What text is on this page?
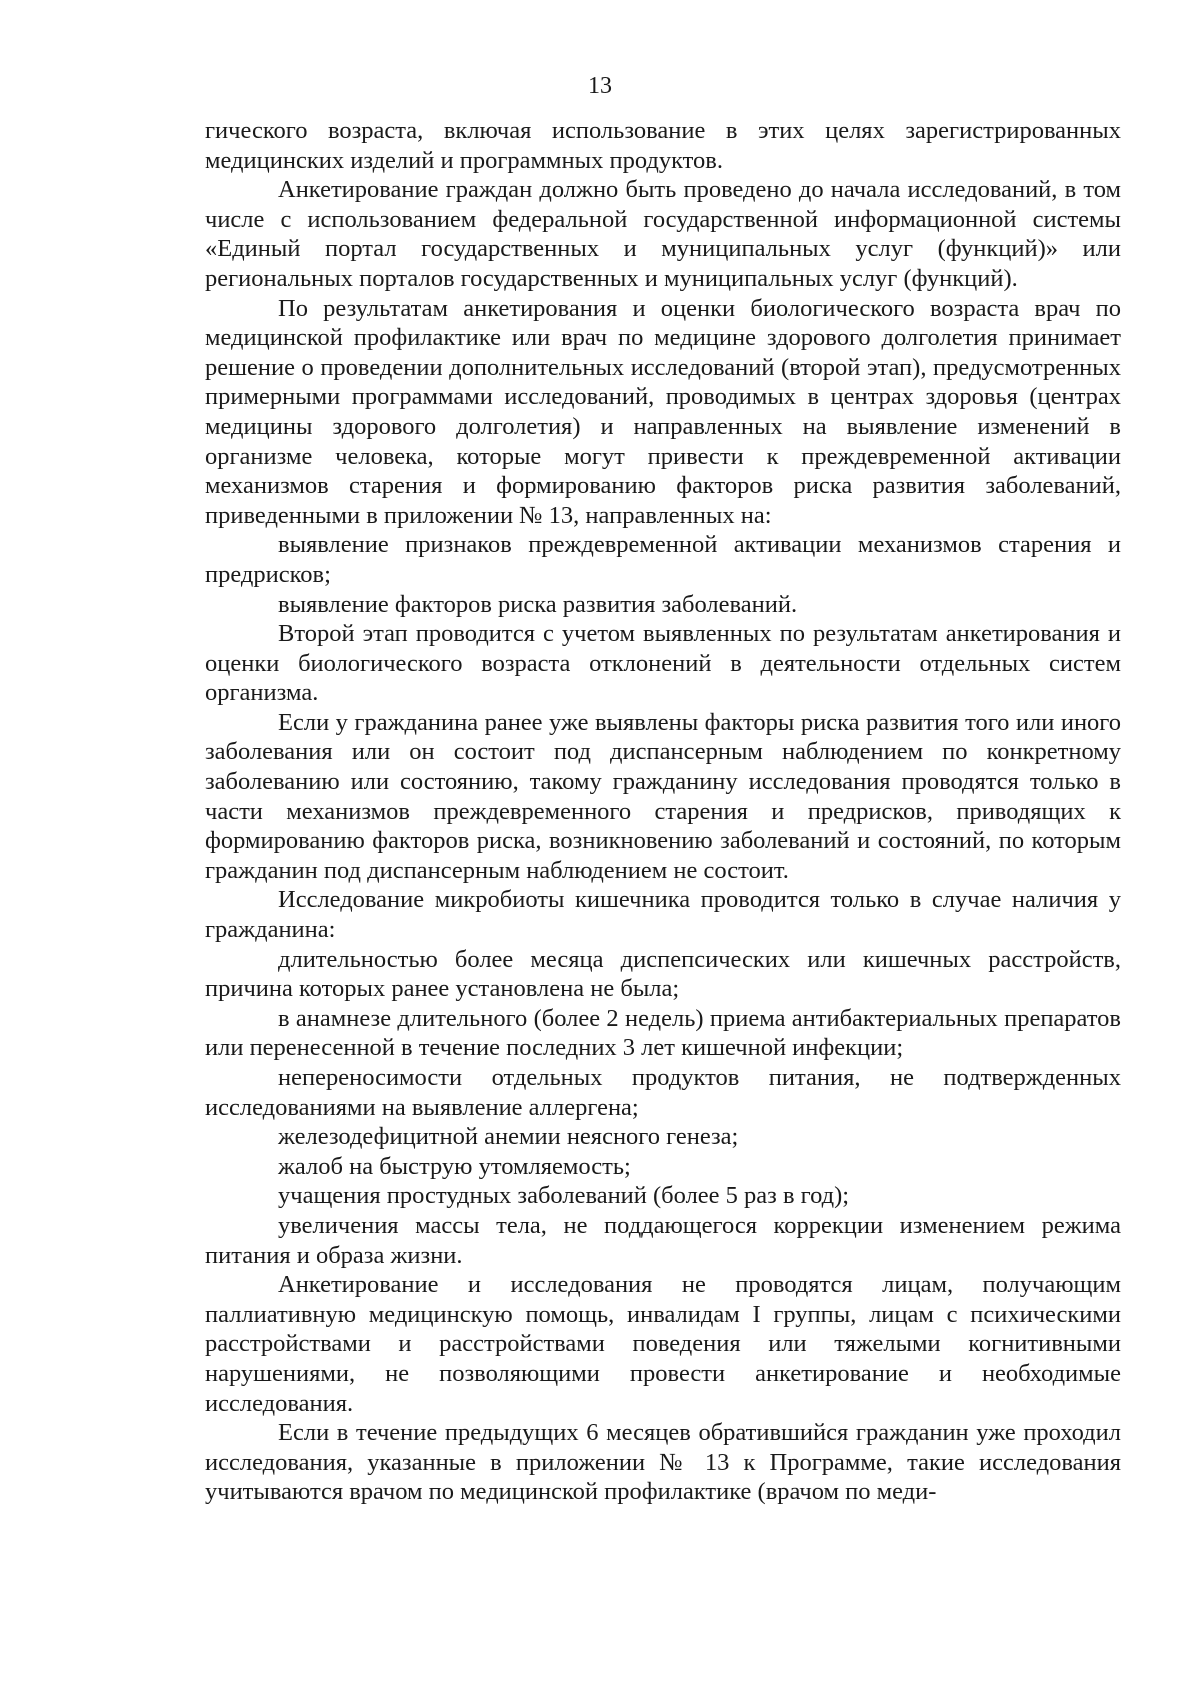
13

гического возраста, включая использование в этих целях зарегистрированных медицинских изделий и программных продуктов.

Анкетирование граждан должно быть проведено до начала исследований, в том числе с использованием федеральной государственной информационной системы «Единый портал государственных и муниципальных услуг (функций)» или региональных порталов государственных и муниципальных услуг (функций).

По результатам анкетирования и оценки биологического возраста врач по медицинской профилактике или врач по медицине здорового долголетия принимает решение о проведении дополнительных исследований (второй этап), предусмотренных примерными программами исследований, проводимых в центрах здоровья (центрах медицины здорового долголетия) и направленных на выявление изменений в организме человека, которые могут привести к преждевременной активации механизмов старения и формированию факторов риска развития заболеваний, приведенными в приложении № 13, направленных на:

выявление признаков преждевременной активации механизмов старения и предрисков;

выявление факторов риска развития заболеваний.

Второй этап проводится с учетом выявленных по результатам анкетирования и оценки биологического возраста отклонений в деятельности отдельных систем организма.

Если у гражданина ранее уже выявлены факторы риска развития того или иного заболевания или он состоит под диспансерным наблюдением по конкретному заболеванию или состоянию, такому гражданину исследования проводятся только в части механизмов преждевременного старения и предрисков, приводящих к формированию факторов риска, возникновению заболеваний и состояний, по которым гражданин под диспансерным наблюдением не состоит.

Исследование микробиоты кишечника проводится только в случае наличия у гражданина:

длительностью более месяца диспепсических или кишечных расстройств, причина которых ранее установлена не была;

в анамнезе длительного (более 2 недель) приема антибактериальных препаратов или перенесенной в течение последних 3 лет кишечной инфекции;

непереносимости отдельных продуктов питания, не подтвержденных исследованиями на выявление аллергена;

железодефицитной анемии неясного генеза;

жалоб на быструю утомляемость;

учащения простудных заболеваний (более 5 раз в год);

увеличения массы тела, не поддающегося коррекции изменением режима питания и образа жизни.

Анкетирование и исследования не проводятся лицам, получающим паллиативную медицинскую помощь, инвалидам I группы, лицам с психическими расстройствами и расстройствами поведения или тяжелыми когнитивными нарушениями, не позволяющими провести анкетирование и необходимые исследования.

Если в течение предыдущих 6 месяцев обратившийся гражданин уже проходил исследования, указанные в приложении № 13 к Программе, такие исследования учитываются врачом по медицинской профилактике (врачом по меди-
